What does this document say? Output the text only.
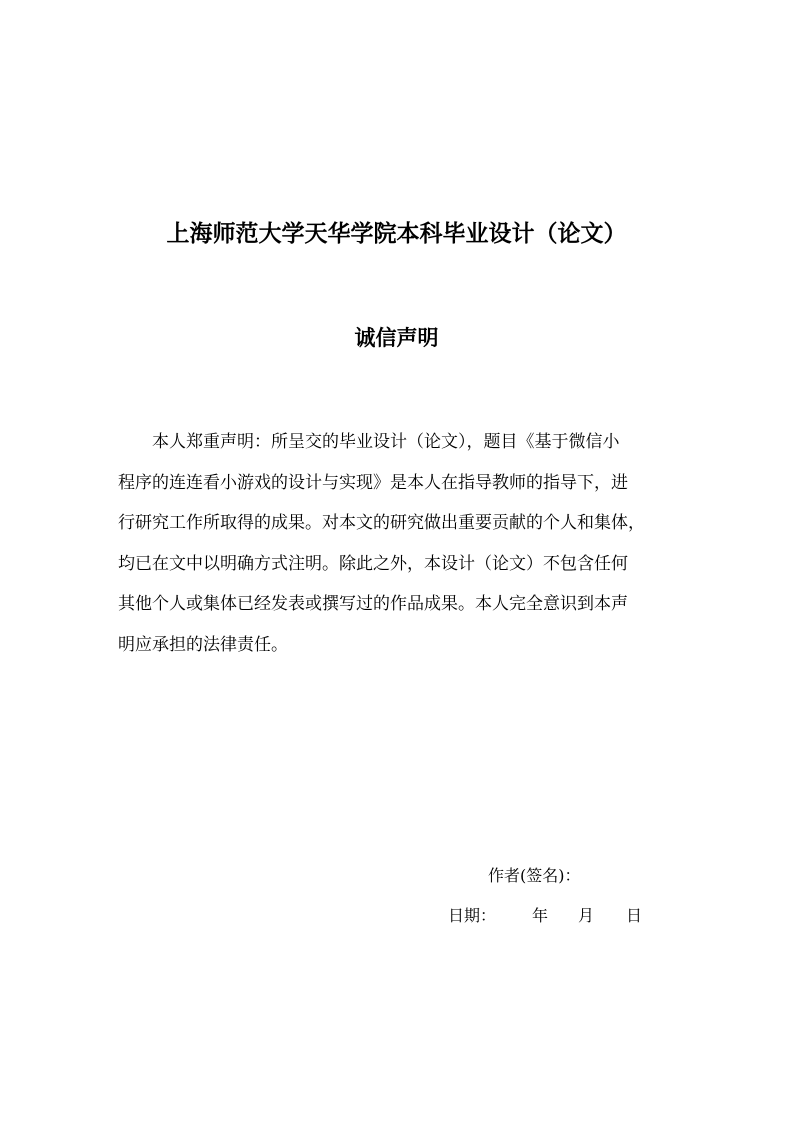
上海师范大学天华学院本科毕业设计（论文）
诚信声明
　　本人郑重声明：所呈交的毕业设计（论文），题目《基于微信小
程序的连连看小游戏的设计与实现》是本人在指导教师的指导下，进
行研究工作所取得的成果。对本文的研究做出重要贡献的个人和集体，
均已在文中以明确方式注明。除此之外，本设计（论文）不包含任何
其他个人或集体已经发表或撰写过的作品成果。本人完全意识到本声
明应承担的法律责任。
作者(签名)：
日期： 年 月 日
